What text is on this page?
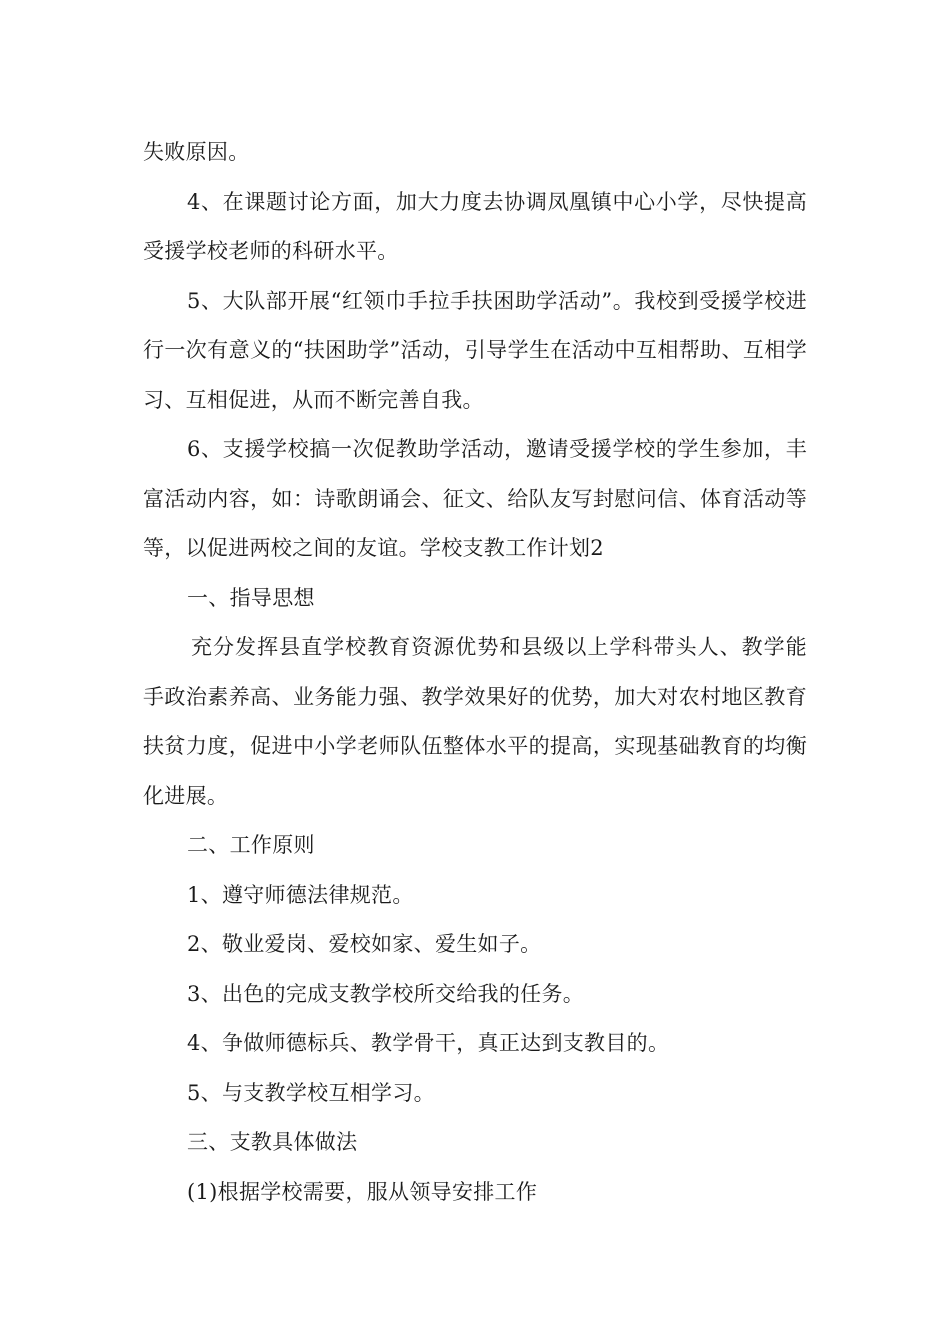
失败原因。

4、在课题讨论方面，加大力度去协调凤凰镇中心小学，尽快提高受援学校老师的科研水平。

5、大队部开展“红领巾手拉手扶困助学活动”。我校到受援学校进行一次有意义的“扶困助学”活动，引导学生在活动中互相帮助、互相学习、互相促进，从而不断完善自我。

6、支援学校搞一次促教助学活动，邀请受援学校的学生参加，丰富活动内容，如：诗歌朗诵会、征文、给队友写封慰问信、体育活动等等，以促进两校之间的友谊。学校支教工作计划2

一、指导思想

充分发挥县直学校教育资源优势和县级以上学科带头人、教学能手政治素养高、业务能力强、教学效果好的优势，加大对农村地区教育扶贫力度，促进中小学老师队伍整体水平的提高，实现基础教育的均衡化进展。

二、工作原则

1、遵守师德法律规范。

2、敬业爱岗、爱校如家、爱生如子。

3、出色的完成支教学校所交给我的任务。

4、争做师德标兵、教学骨干，真正达到支教目的。

5、与支教学校互相学习。

三、支教具体做法

(1)根据学校需要，服从领导安排工作
